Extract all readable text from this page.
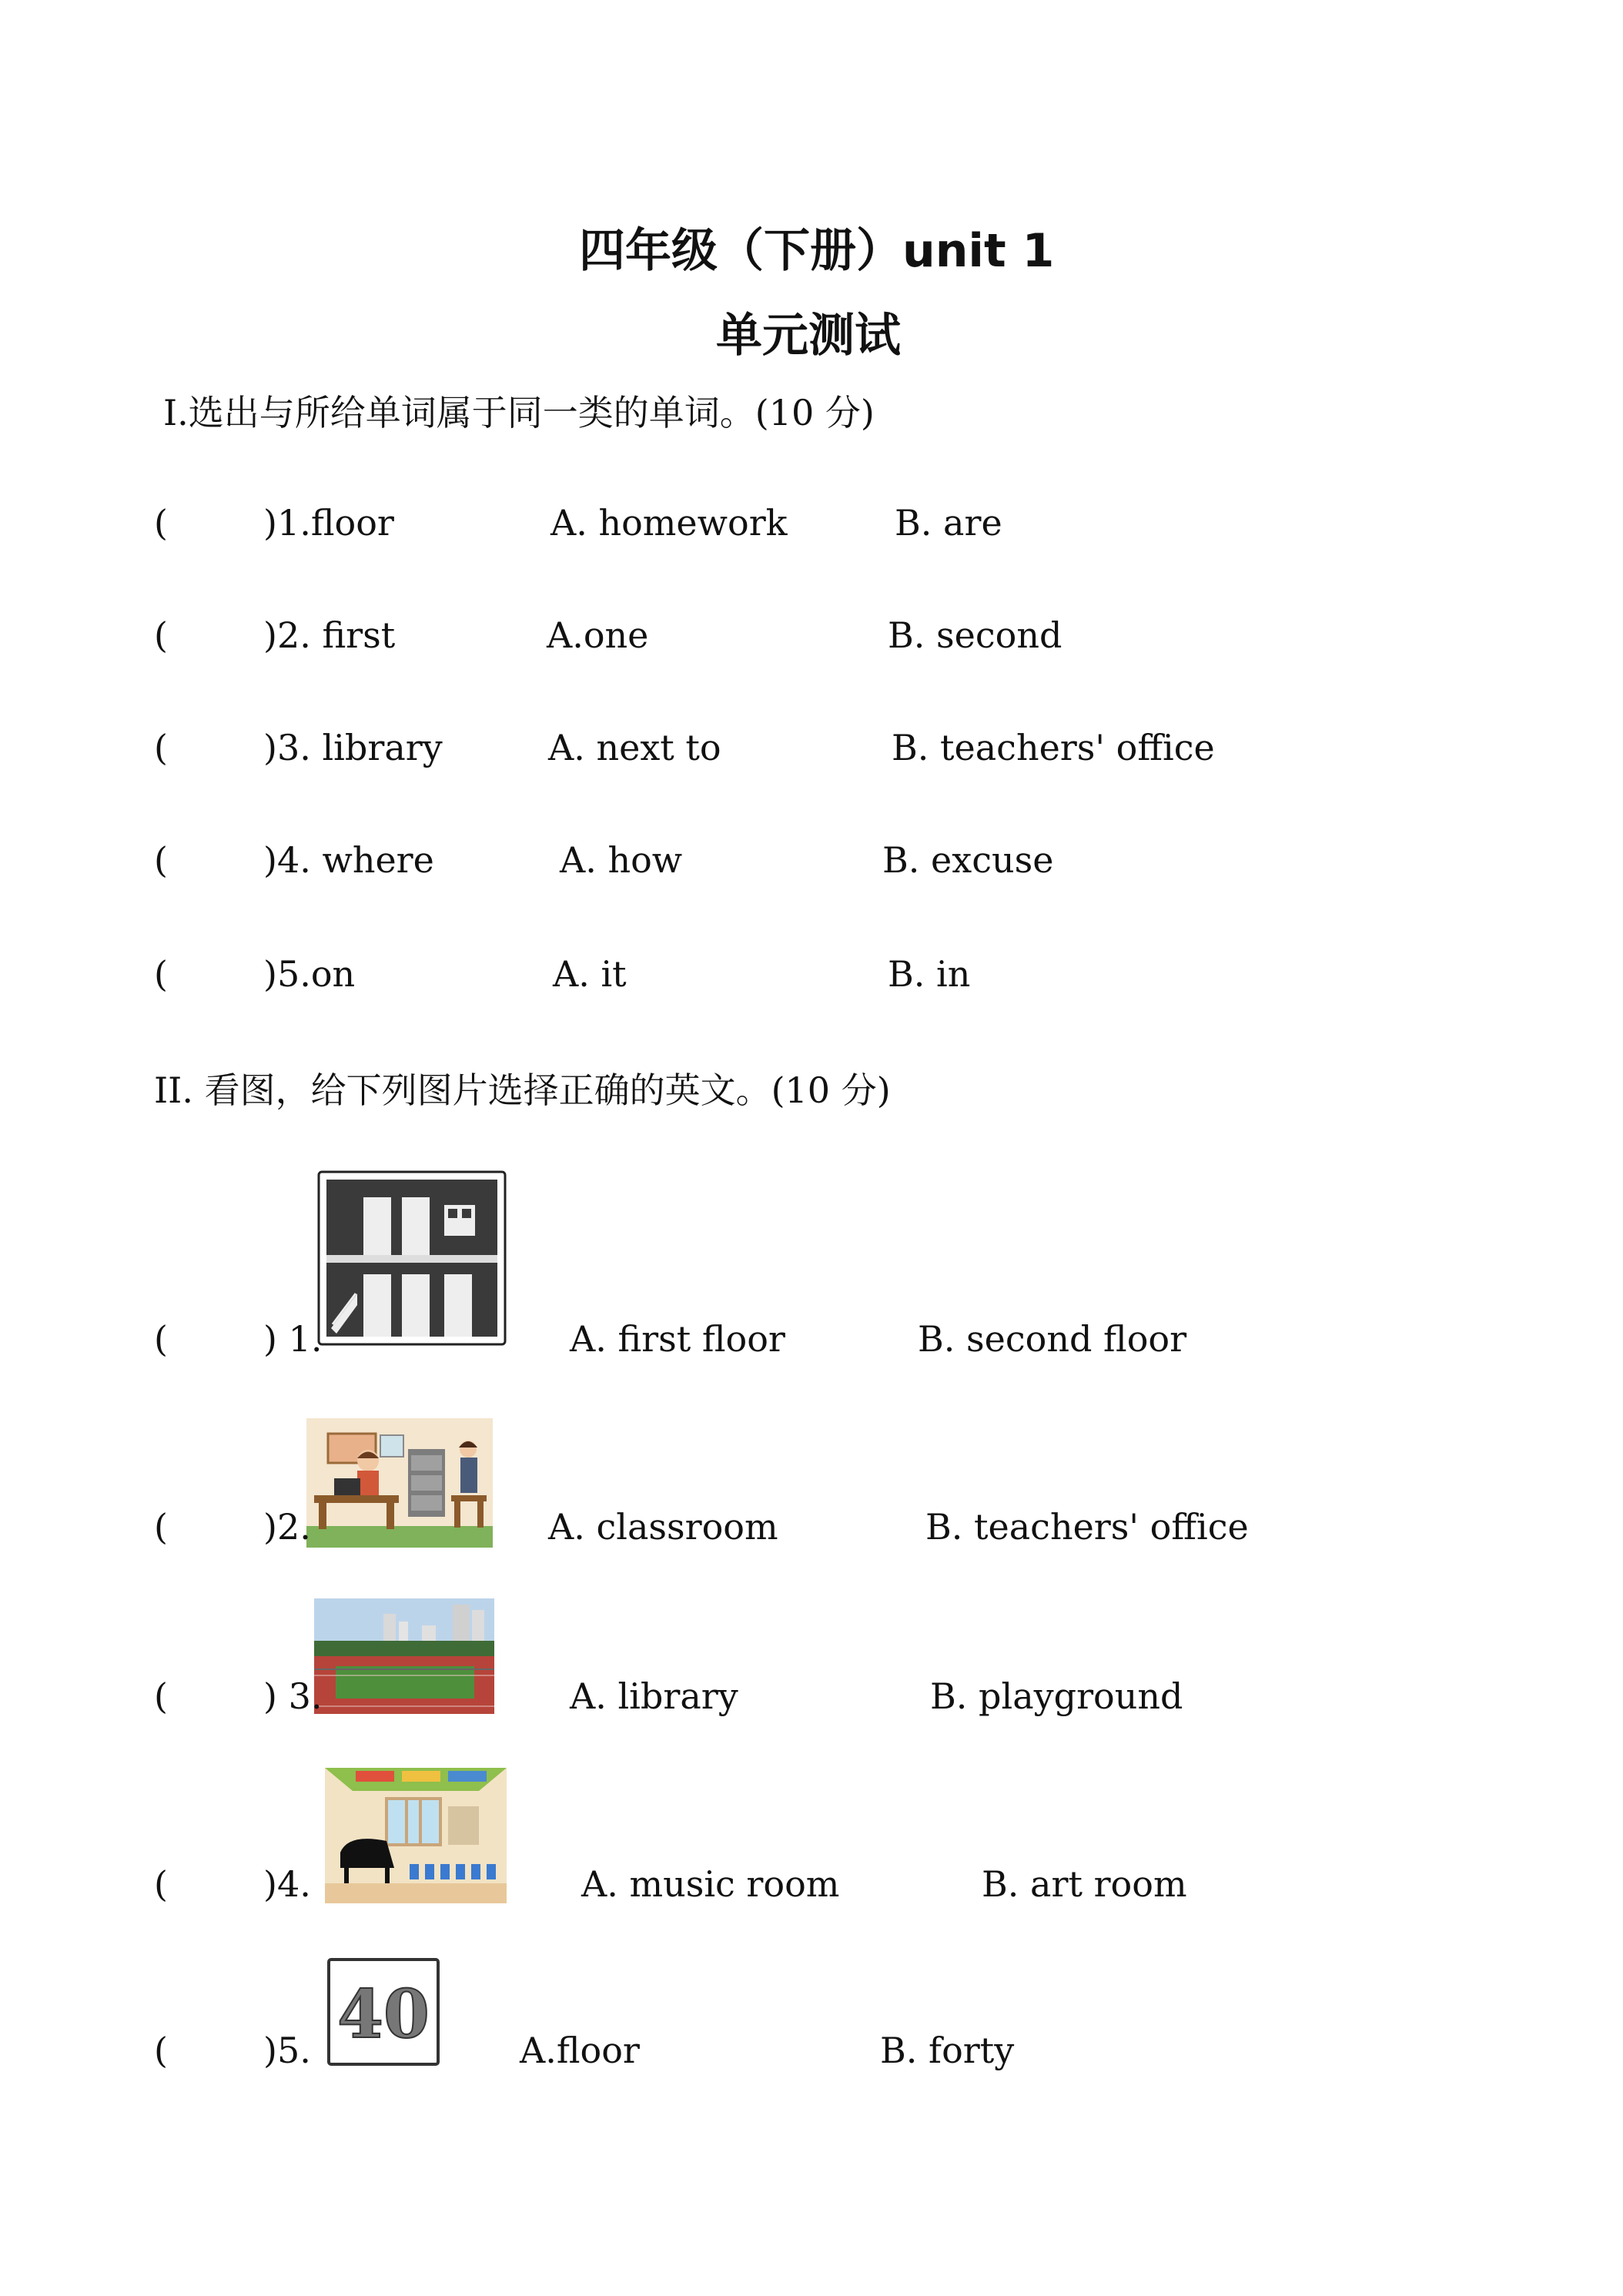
四年级（下册）unit 1
单元测试
Ⅰ.选出与所给单词属于同一类的单词。(10 分)
(	)1.floor	A. homework	B. are
(	)2. first	A.one	B. second
(	)3. library	A. next to	B. teachers' office
(	)4. where	A. how	B. excuse
(	)5.on	A. it	B. in
II. 看图，给下列图片选择正确的英文。(10 分)
(	) 1.	A. first floor	B. second floor
(	)2.	A. classroom	B. teachers' office
(	) 3.	A. library	B. playground
(	)4.	A. music room	B. art room
40
(	)5.	A.floor	B. forty
